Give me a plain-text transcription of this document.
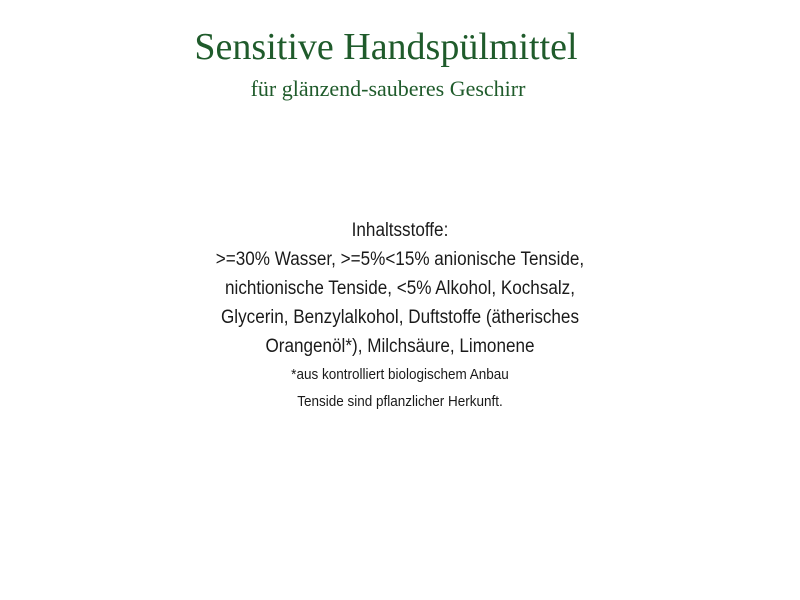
Sensitive Handspülmittel
für glänzend-sauberes Geschirr
Inhaltsstoffe:
>=30% Wasser, >=5%<15% anionische Tenside,
nichtionische Tenside, <5% Alkohol, Kochsalz,
Glycerin, Benzylalkohol, Duftstoffe (ätherisches
Orangenöl*), Milchsäure, Limonene
*aus kontrolliert biologischem Anbau
Tenside sind pflanzlicher Herkunft.
